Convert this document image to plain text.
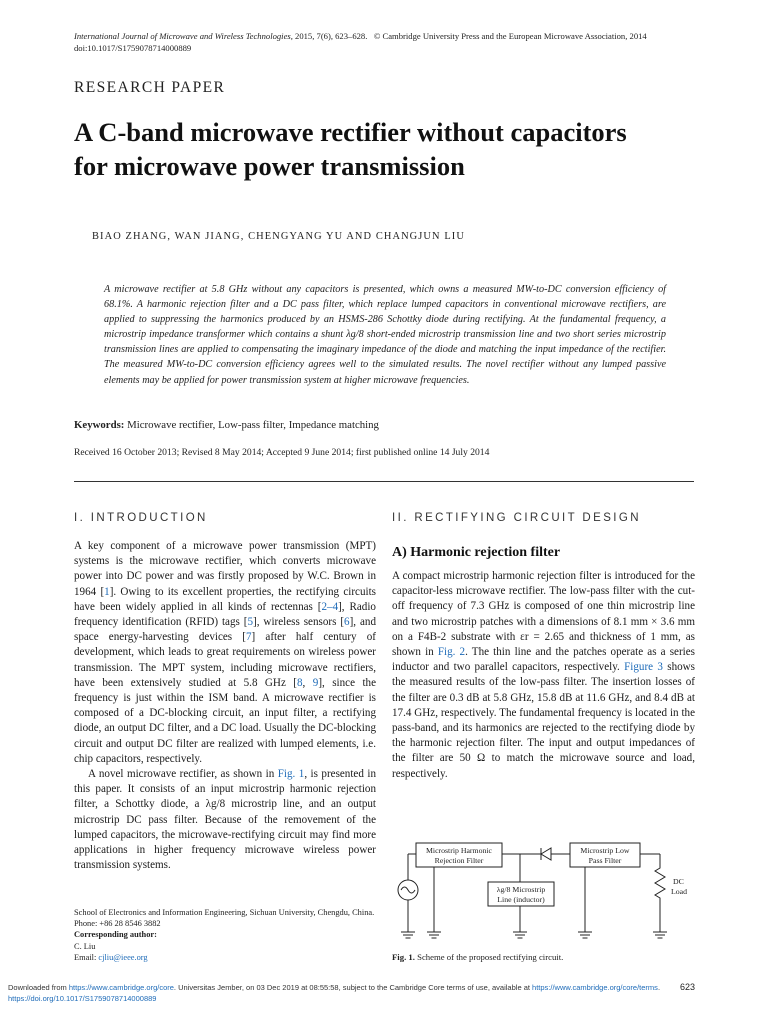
International Journal of Microwave and Wireless Technologies, 2015, 7(6), 623–628. © Cambridge University Press and the European Microwave Association, 2014
doi:10.1017/S1759078714000889
RESEARCH PAPER
A C-band microwave rectifier without capacitors for microwave power transmission
BIAO ZHANG, WAN JIANG, CHENGYANG YU AND CHANGJUN LIU
A microwave rectifier at 5.8 GHz without any capacitors is presented, which owns a measured MW-to-DC conversion efficiency of 68.1%. A harmonic rejection filter and a DC pass filter, which replace lumped capacitors in conventional microwave rectifiers, are applied to suppressing the harmonics produced by an HSMS-286 Schottky diode during rectifying. At the fundamental frequency, a microstrip impedance transformer which contains a shunt λg/8 short-ended microstrip transmission line and two short series microstrip transmission lines are applied to compensating the imaginary impedance of the diode and matching the input impedance of the rectifier. The measured MW-to-DC conversion efficiency agrees well to the simulated results. The novel rectifier without any lumped passive elements may be applied for power transmission system at higher microwave frequencies.
Keywords: Microwave rectifier, Low-pass filter, Impedance matching
Received 16 October 2013; Revised 8 May 2014; Accepted 9 June 2014; first published online 14 July 2014
I. INTRODUCTION	II. RECTIFYING CIRCUIT DESIGN

A key component of a microwave power transmission (MPT) systems is the microwave rectifier, which converts microwave power into DC power and was firstly proposed by W.C. Brown in 1964 [1]. Owing to its excellent properties, the rectifying circuits have been widely applied in all kinds of rectennas [2–4], Radio frequency identification (RFID) tags [5], wireless sensors [6], and space energy-harvesting devices [7] after half century of development, which leads to great requirements on wireless power transmission. The MPT system, including microwave rectifiers, have been extensively studied at 5.8 GHz [8, 9], since the frequency is just within the ISM band. A microwave rectifier is composed of a DC-blocking circuit, an input filter, a rectifying diode, an output DC filter, and a DC load. Usually the DC-blocking circuit and output DC filter are realized with lumped elements, i.e. chip capacitors, respectively.

A novel microwave rectifier, as shown in Fig. 1, is presented in this paper. It consists of an input microstrip harmonic rejection filter, a Schottky diode, a λg/8 microstrip line, and an output microstrip DC pass filter. Because of the removement of the lumped capacitors, the microwave-rectifying circuit may find more applications in higher frequency microwave wireless power transmission systems.

A) Harmonic rejection filter

A compact microstrip harmonic rejection filter is introduced for the capacitor-less microwave rectifier. The low-pass filter with the cut-off frequency of 7.3 GHz is composed of one thin microstrip line and two microstrip patches with a dimensions of 8.1 mm × 3.6 mm on a F4B-2 substrate with εr = 2.65 and thickness of 1 mm, as shown in Fig. 2. The thin line and the patches operate as a series inductor and two parallel capacitors, respectively. Figure 3 shows the measured results of the low-pass filter. The insertion losses of the filter are 0.3 dB at 5.8 GHz, 15.8 dB at 11.6 GHz, and 8.4 dB at 17.4 GHz, respectively. The fundamental frequency is located in the pass-band, and its harmonics are rejected to the rectifying diode by the harmonic rejection filter. The input and output impedances of the filter are 50 Ω to match the microwave source and load, respectively.

Microstrip Harmonic
Rejection Filter
Microstrip Low
Pass Filter
λg/8 Microstrip
Line (inductor)
DC
Load
Fig. 1. Scheme of the proposed rectifying circuit.
School of Electronics and Information Engineering, Sichuan University, Chengdu, China. Phone: +86 28 8546 3882
Corresponding author:
C. Liu
Email: cjliu@ieee.org
Downloaded from https://www.cambridge.org/core. Universitas Jember, on 03 Dec 2019 at 08:55:58, subject to the Cambridge Core terms of use, available at https://www.cambridge.org/core/terms.
https://doi.org/10.1017/S1759078714000889
623
